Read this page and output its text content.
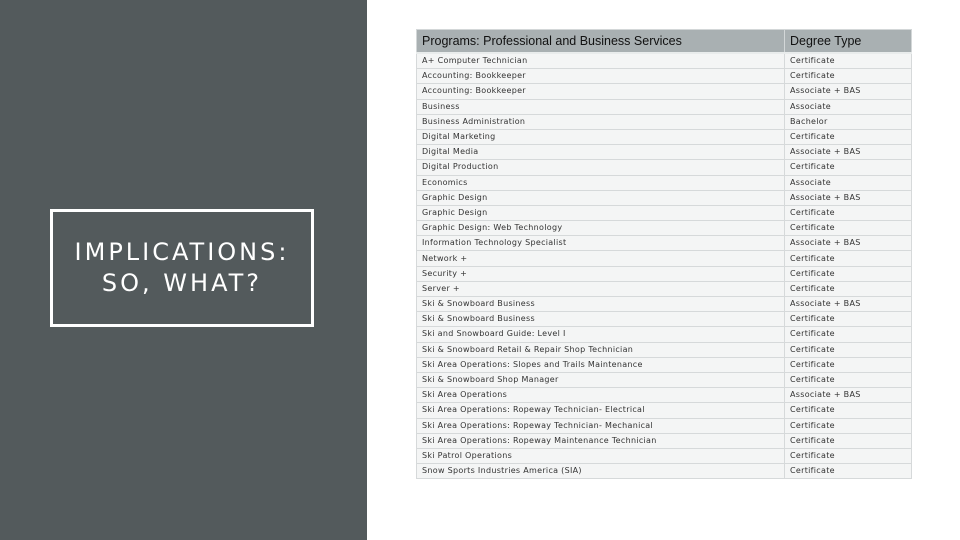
IMPLICATIONS:
SO, WHAT?
Programs: Professional and Business Services	Degree Type
A+ Computer Technician	Certificate
Accounting: Bookkeeper	Certificate
Accounting: Bookkeeper	Associate + BAS
Business	Associate
Business Administration	Bachelor
Digital Marketing	Certificate
Digital Media	Associate + BAS
Digital Production	Certificate
Economics	Associate
Graphic Design	Associate + BAS
Graphic Design	Certificate
Graphic Design: Web Technology	Certificate
Information Technology Specialist	Associate + BAS
Network +	Certificate
Security +	Certificate
Server +	Certificate
Ski & Snowboard Business	Associate + BAS
Ski & Snowboard Business	Certificate
Ski and Snowboard Guide: Level I	Certificate
Ski & Snowboard Retail & Repair Shop Technician	Certificate
Ski Area Operations: Slopes and Trails Maintenance	Certificate
Ski & Snowboard Shop Manager	Certificate
Ski Area Operations	Associate + BAS
Ski Area Operations: Ropeway Technician- Electrical	Certificate
Ski Area Operations: Ropeway Technician- Mechanical	Certificate
Ski Area Operations: Ropeway Maintenance Technician	Certificate
Ski Patrol Operations	Certificate
Snow Sports Industries America (SIA)	Certificate
